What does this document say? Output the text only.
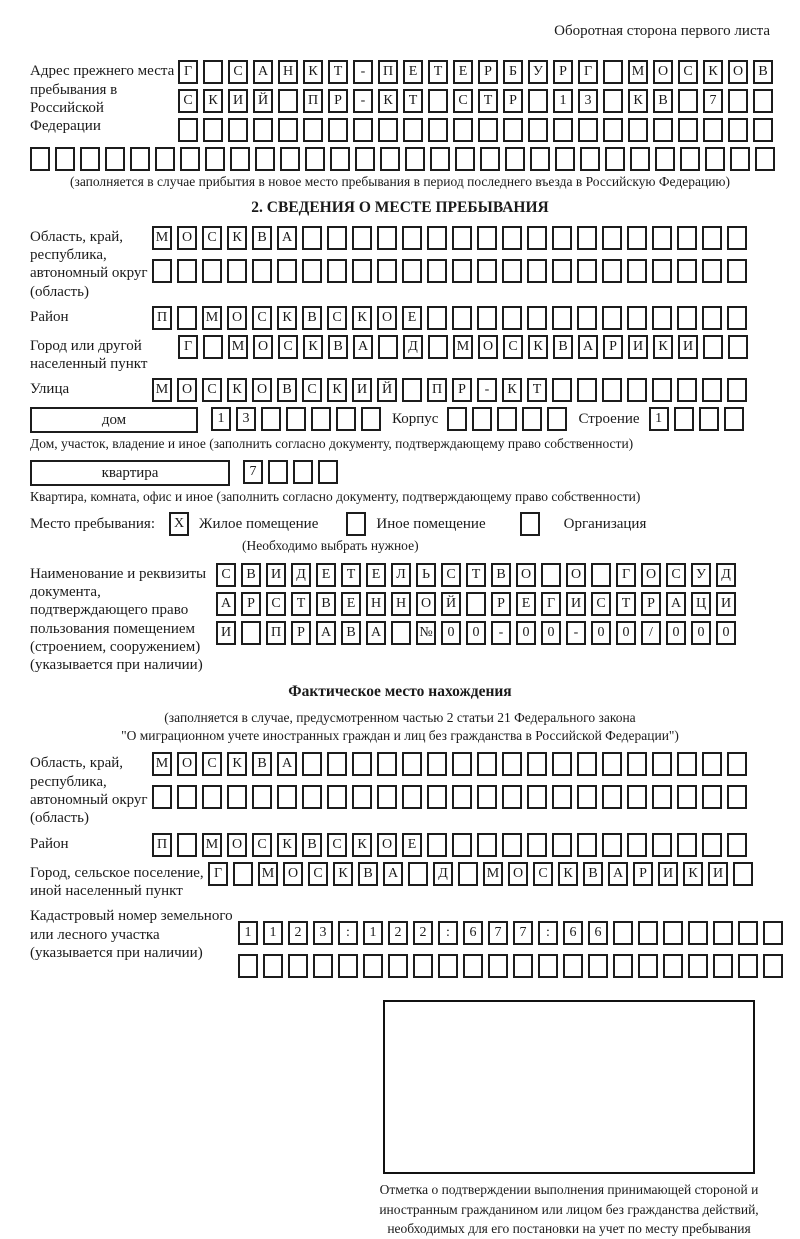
Оборотная сторона первого листа
Адрес прежнего места пребывания в Российской Федерации
Г	С	А	Н	К	Т	-	П	Е	Т	Е	Р	Б	У	Р	Г	М О	С	К	О	В
С	К	И	Й	П	Р	-	К	Т	С	Т	Р	1	3	К	В	7
(заполняется в случае прибытия в новое место пребывания в период последнего въезда в Российскую Федерацию)
2. СВЕДЕНИЯ О МЕСТЕ ПРЕБЫВАНИЯ
Область, край, республика, автономный округ (область)
М О	С	К	В	А
Район	П	М О	С	К	В	С	К	О	Е
Город или другой населенный пункт
Г	М О	С	К	В	А	Д	М О	С	К	В	А	Р	И	К	И
Улица	М О	С	К	О	В	С	К	И	Й	П	Р	-	К	Т
дом	1	3	Корпус	Строение	1
Дом, участок, владение и иное (заполнить согласно документу, подтверждающему право собственности)
квартира	7
Квартира, комната, офис и иное (заполнить согласно документу, подтверждающему право собственности)
Место пребывания:	X Жилое помещение	Иное помещение	Организация
(Необходимо выбрать нужное)
Наименование и реквизиты документа, подтверждающего право пользования помещением (строением, сооружением) (указывается при наличии)
С	В	И	Д	Е	Т	Е	Л	Ь	С	Т	В	О	О	Г	О	С	У	Д
А	Р	С	Т	В	Е	Н	Н	О	Й	Р	Е	Г	И	С	Т	Р	А	Ц	И
И	П	Р	А	В	А	№	0	0	-	0	0	-	0	0	/	0	0	0
Фактическое место нахождения
(заполняется в случае, предусмотренном частью 2 статьи 21 Федерального закона
"О миграционном учете иностранных граждан и лиц без гражданства в Российской Федерации")
Область, край, республика, автономный округ (область)
М О	С	К	В	А
Район	П	М О	С	К	В	С	К	О	Е
Город, сельское поселение, иной населенный пункт
Г	М О	С	К	В	А	Д	М О	С	К	В	А	Р	И	К	И
Кадастровый номер земельного или лесного участка (указывается при наличии)
1	1	2	3	:	1	2	2	:	6	7	7	:	6	6
Отметка о подтверждении выполнения принимающей стороной и иностранным гражданином или лицом без гражданства действий, необходимых для его постановки на учет по месту пребывания
